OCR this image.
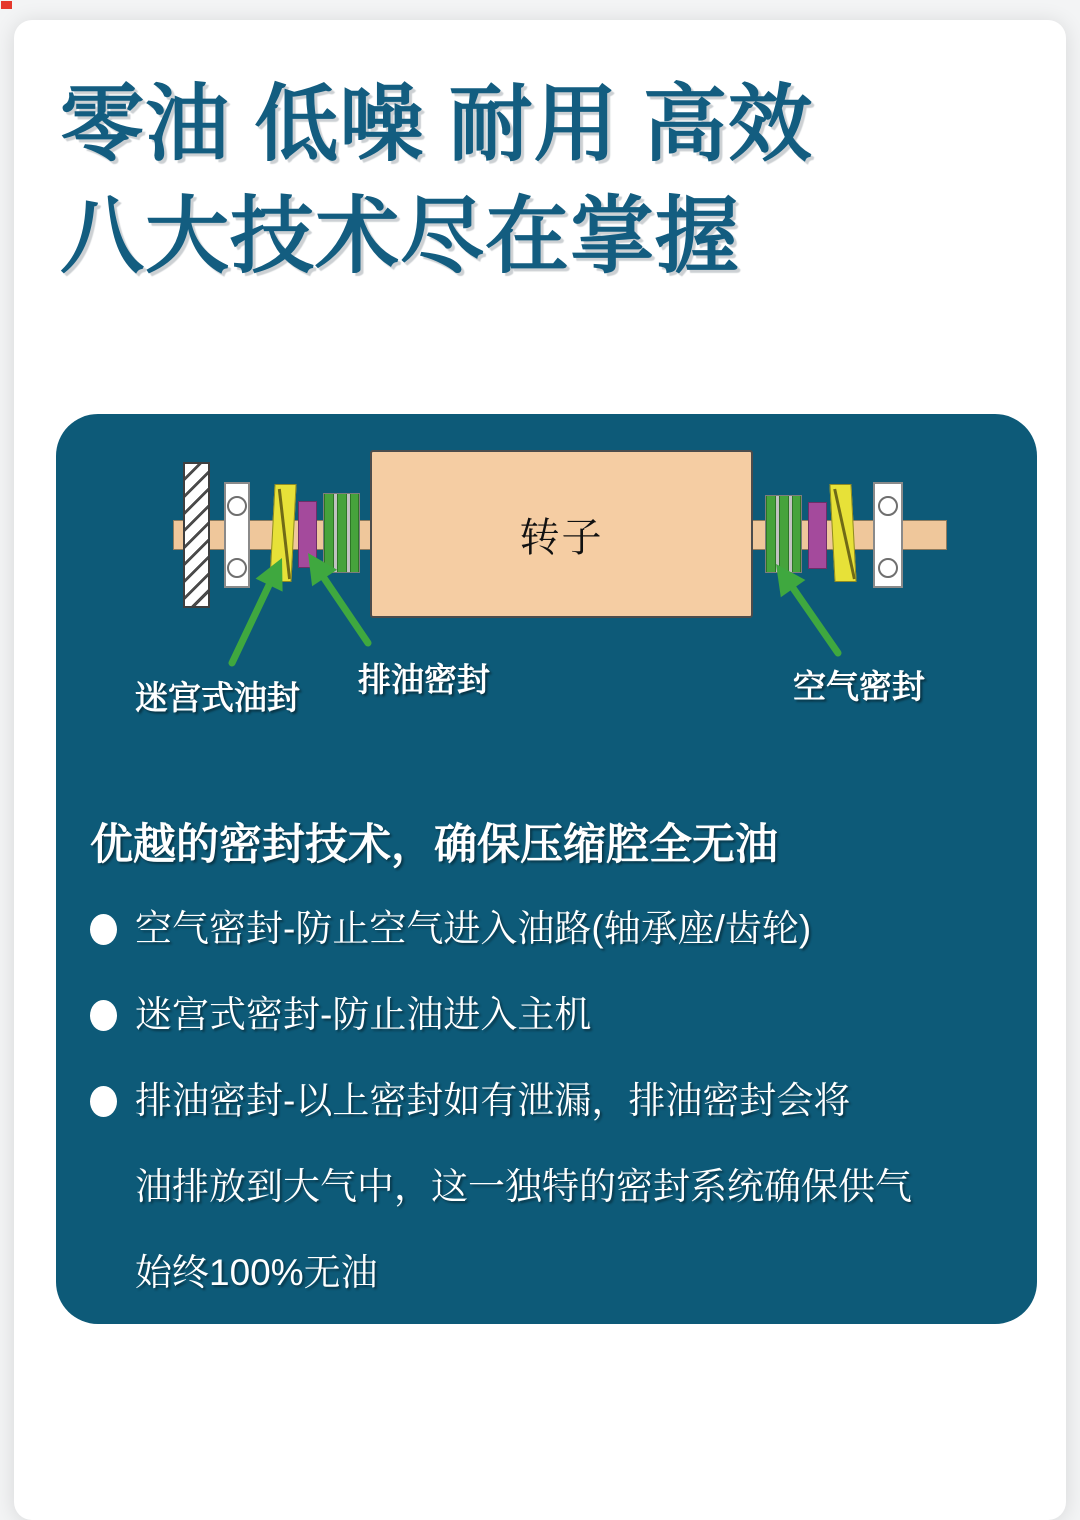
零油 低噪 耐用 高效
八大技术尽在掌握
转子
迷宫式油封 排油密封	空气密封
优越的密封技术，确保压缩腔全无油
空气密封-防止空气进入油路(轴承座/齿轮)
迷宫式密封-防止油进入主机
排油密封-以上密封如有泄漏，排油密封会将
油排放到大气中，这一独特的密封系统确保供气
始终100%无油
